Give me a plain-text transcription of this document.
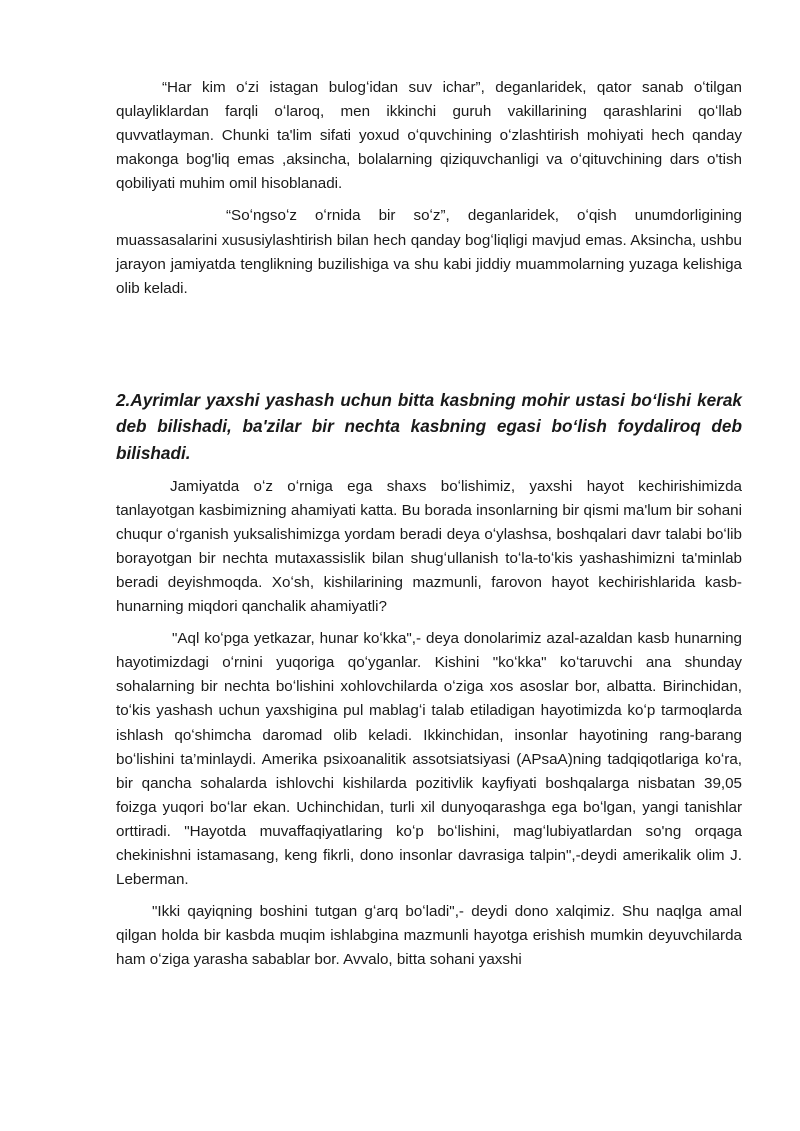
“Har kim oʻzi istagan bulogʻidan suv ichar”, deganlaridek, qator sanab oʻtilgan qulayliklardan farqli oʻlaroq, men ikkinchi guruh vakillarining qarashlarini qoʻllab quvvatlayman. Chunki ta'lim sifati yoxud oʻquvchining oʻzlashtirish mohiyati hech qanday makonga bog'liq emas ,aksincha, bolalarning qiziquvchanligi va oʻqituvchining dars o'tish qobiliyati muhim omil hisoblanadi.

“Soʻngsoʻz oʻrnida bir soʻz”, deganlaridek, oʻqish unumdorligining muassasalarini xususiylashtirish bilan hech qanday bogʻliqligi mavjud emas. Aksincha, ushbu jarayon jamiyatda tenglikning buzilishiga va shu kabi jiddiy muammolarning yuzaga kelishiga olib keladi.

2.Ayrimlar yaxshi yashash uchun bitta kasbning mohir ustasi boʻlishi kerak deb bilishadi, ba'zilar bir nechta kasbning egasi boʻlish foydaliroq deb bilishadi.

Jamiyatda oʻz oʻrniga ega shaxs boʻlishimiz, yaxshi hayot kechirishimizda tanlayotgan kasbimizning ahamiyati katta. Bu borada insonlarning bir qismi ma'lum bir sohani chuqur oʻrganish yuksalishimizga yordam beradi deya oʻylashsa, boshqalari davr talabi boʻlib borayotgan bir nechta mutaxassislik bilan shugʻullanish toʻla-toʻkis yashashimizni ta'minlab beradi deyishmoqda. Xoʻsh, kishilarining mazmunli, farovon hayot kechirishlarida kasb-hunarning miqdori qanchalik ahamiyatli?

"Aql koʻpga yetkazar, hunar koʻkka",- deya donolarimiz azal-azaldan kasb hunarning hayotimizdagi oʻrnini yuqoriga qoʻyganlar. Kishini "koʻkka" koʻtaruvchi ana shunday sohalarning bir nechta boʻlishini xohlovchilarda oʻziga xos asoslar bor, albatta. Birinchidan, toʻkis yashash uchun yaxshigina pul mablagʻi talab etiladigan hayotimizda koʻp tarmoqlarda ishlash qoʻshimcha daromad olib keladi. Ikkinchidan, insonlar hayotining rang-barang boʻlishini ta’minlaydi. Amerika psixoanalitik assotsiatsiyasi (APsaA)ning tadqiqotlariga koʻra, bir qancha sohalarda ishlovchi kishilarda pozitivlik kayfiyati boshqalarga nisbatan 39,05 foizga yuqori boʻlar ekan. Uchinchidan, turli xil dunyoqarashga ega boʻlgan, yangi tanishlar orttiradi. "Hayotda muvaffaqiyatlaring koʻp boʻlishini, magʻlubiyatlardan so'ng orqaga chekinishni istamasang, keng fikrli, dono insonlar davrasiga talpin",-deydi amerikalik olim J. Leberman.

"Ikki qayiqning boshini tutgan gʻarq boʻladi",- deydi dono xalqimiz. Shu naqlga amal qilgan holda bir kasbda muqim ishlabgina mazmunli hayotga erishish mumkin deyuvchilarda ham oʻziga yarasha sabablar bor. Avvalo, bitta sohani yaxshi
